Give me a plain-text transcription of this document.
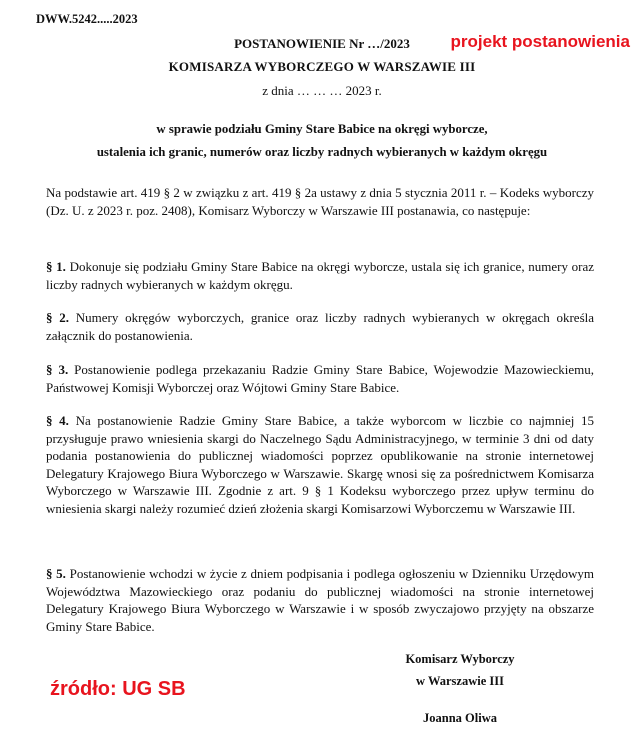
DWW.5242.....2023
projekt postanowienia
POSTANOWIENIE Nr …/2023
KOMISARZA WYBORCZEGO W WARSZAWIE III
z dnia … … … 2023 r.
w sprawie podziału Gminy Stare Babice na okręgi wyborcze,
ustalenia ich granic, numerów oraz liczby radnych wybieranych w każdym okręgu

Na podstawie art. 419 § 2 w związku z art. 419 § 2a ustawy z dnia 5 stycznia 2011 r. – Kodeks wyborczy (Dz. U. z 2023 r. poz. 2408), Komisarz Wyborczy w Warszawie III postanawia, co następuje:

§ 1. Dokonuje się podziału Gminy Stare Babice na okręgi wyborcze, ustala się ich granice, numery oraz liczby radnych wybieranych w każdym okręgu.

§ 2. Numery okręgów wyborczych, granice oraz liczby radnych wybieranych w okręgach określa załącznik do postanowienia.

§ 3. Postanowienie podlega przekazaniu Radzie Gminy Stare Babice, Wojewodzie Mazowieckiemu, Państwowej Komisji Wyborczej oraz Wójtowi Gminy Stare Babice.

§ 4. Na postanowienie Radzie Gminy Stare Babice, a także wyborcom w liczbie co najmniej 15 przysługuje prawo wniesienia skargi do Naczelnego Sądu Administracyjnego, w terminie 3 dni od daty podania postanowienia do publicznej wiadomości poprzez opublikowanie na stronie internetowej Delegatury Krajowego Biura Wyborczego w Warszawie. Skargę wnosi się za pośrednictwem Komisarza Wyborczego w Warszawie III. Zgodnie z art. 9 § 1 Kodeksu wyborczego przez upływ terminu do wniesienia skargi należy rozumieć dzień złożenia skargi Komisarzowi Wyborczemu w Warszawie III.

§ 5. Postanowienie wchodzi w życie z dniem podpisania i podlega ogłoszeniu w Dzienniku Urzędowym Województwa Mazowieckiego oraz podaniu do publicznej wiadomości na stronie internetowej Delegatury Krajowego Biura Wyborczego w Warszawie i w sposób zwyczajowo przyjęty na obszarze Gminy Stare Babice.

Komisarz Wyborczy
w Warszawie III
Joanna Oliwa
źródło: UG SB
